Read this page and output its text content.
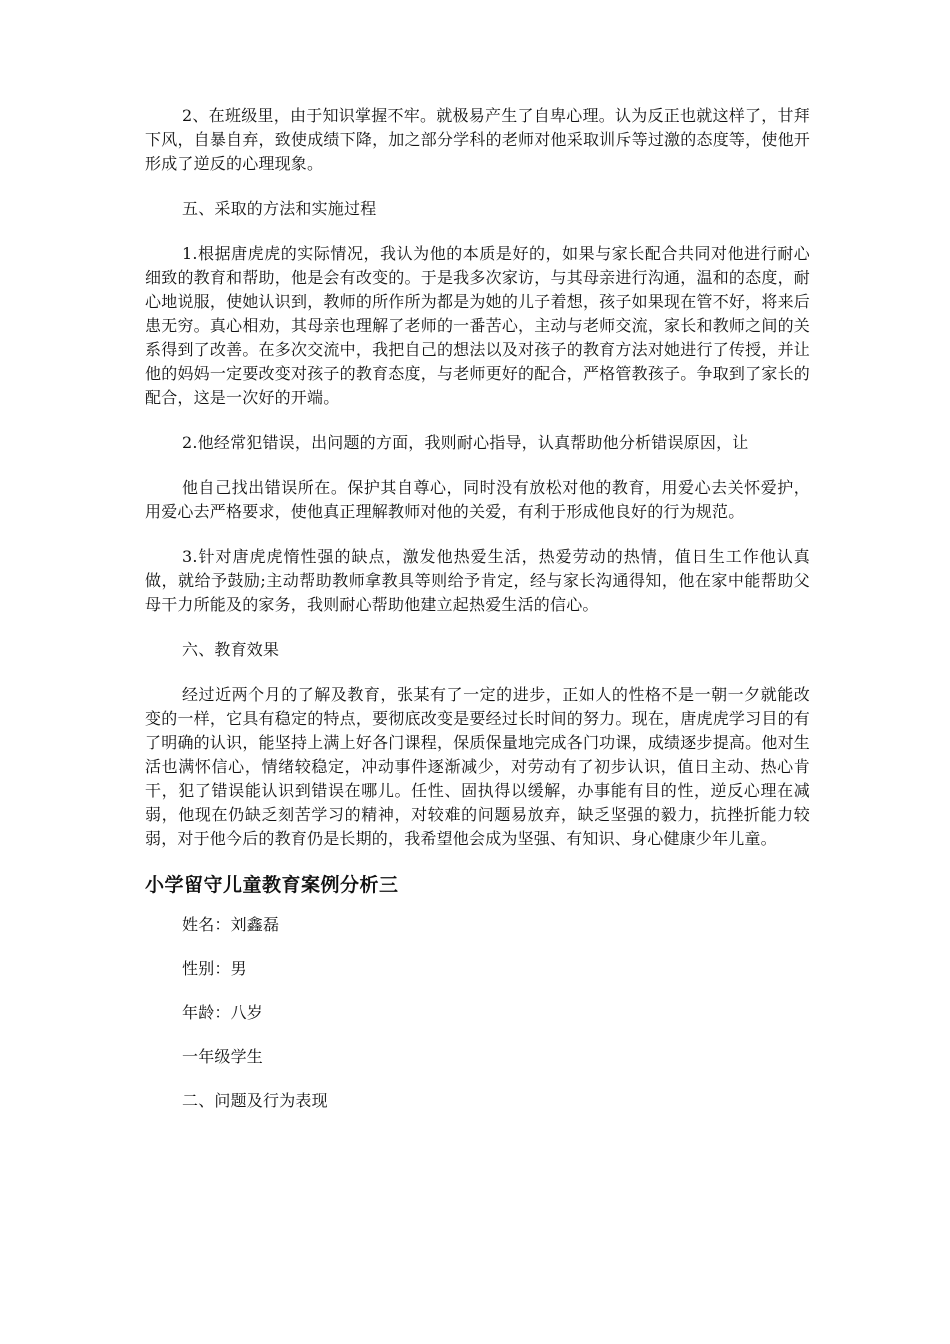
2、在班级里，由于知识掌握不牢。就极易产生了自卑心理。认为反正也就这样了，甘拜下风，自暴自弃，致使成绩下降，加之部分学科的老师对他采取训斥等过激的态度等，使他开形成了逆反的心理现象。

五、采取的方法和实施过程

1.根据唐虎虎的实际情况，我认为他的本质是好的，如果与家长配合共同对他进行耐心细致的教育和帮助，他是会有改变的。于是我多次家访，与其母亲进行沟通，温和的态度，耐心地说服，使她认识到，教师的所作所为都是为她的儿子着想，孩子如果现在管不好，将来后患无穷。真心相劝，其母亲也理解了老师的一番苦心，主动与老师交流，家长和教师之间的关系得到了改善。在多次交流中，我把自己的想法以及对孩子的教育方法对她进行了传授，并让他的妈妈一定要改变对孩子的教育态度，与老师更好的配合，严格管教孩子。争取到了家长的配合，这是一次好的开端。

2.他经常犯错误，出问题的方面，我则耐心指导，认真帮助他分析错误原因，让

他自己找出错误所在。保护其自尊心，同时没有放松对他的教育，用爱心去关怀爱护，用爱心去严格要求，使他真正理解教师对他的关爱，有利于形成他良好的行为规范。

3.针对唐虎虎惰性强的缺点，激发他热爱生活，热爱劳动的热情，值日生工作他认真做，就给予鼓励;主动帮助教师拿教具等则给予肯定，经与家长沟通得知，他在家中能帮助父母干力所能及的家务，我则耐心帮助他建立起热爱生活的信心。

六、教育效果

经过近两个月的了解及教育，张某有了一定的进步，正如人的性格不是一朝一夕就能改变的一样，它具有稳定的特点，要彻底改变是要经过长时间的努力。现在，唐虎虎学习目的有了明确的认识，能坚持上满上好各门课程，保质保量地完成各门功课，成绩逐步提高。他对生活也满怀信心，情绪较稳定，冲动事件逐渐减少，对劳动有了初步认识，值日主动、热心肯干，犯了错误能认识到错误在哪儿。任性、固执得以缓解，办事能有目的性，逆反心理在减弱，他现在仍缺乏刻苦学习的精神，对较难的问题易放弃，缺乏坚强的毅力，抗挫折能力较弱，对于他今后的教育仍是长期的，我希望他会成为坚强、有知识、身心健康少年儿童。

小学留守儿童教育案例分析三

姓名：刘鑫磊

性别：男

年龄：八岁

一年级学生

二、问题及行为表现
